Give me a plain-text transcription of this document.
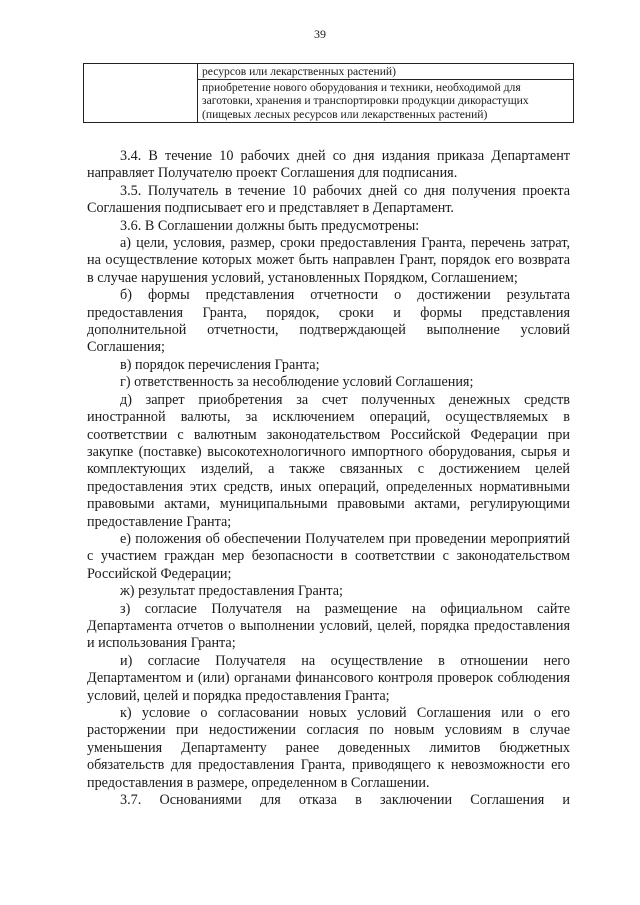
39
	ресурсов или лекарственных растений)
приобретение нового оборудования и техники, необходимой для заготовки, хранения и транспортировки продукции дикорастущих (пищевых лесных ресурсов или лекарственных растений)

3.4. В течение 10 рабочих дней со дня издания приказа Департамент направляет Получателю проект Соглашения для подписания.

3.5. Получатель в течение 10 рабочих дней со дня получения проекта Соглашения подписывает его и представляет в Департамент.

3.6. В Соглашении должны быть предусмотрены:

а) цели, условия, размер, сроки предоставления Гранта, перечень затрат, на осуществление которых может быть направлен Грант, порядок его возврата в случае нарушения условий, установленных Порядком, Соглашением;

б) формы представления отчетности о достижении результата предоставления Гранта, порядок, сроки и формы представления дополнительной отчетности, подтверждающей выполнение условий Соглашения;

в) порядок перечисления Гранта;

г) ответственность за несоблюдение условий Соглашения;

д) запрет приобретения за счет полученных денежных средств иностранной валюты, за исключением операций, осуществляемых в соответствии с валютным законодательством Российской Федерации при закупке (поставке) высокотехнологичного импортного оборудования, сырья и комплектующих изделий, а также связанных с достижением целей предоставления этих средств, иных операций, определенных нормативными правовыми актами, муниципальными правовыми актами, регулирующими предоставление Гранта;

е) положения об обеспечении Получателем при проведении мероприятий с участием граждан мер безопасности в соответствии с законодательством Российской Федерации;

ж) результат предоставления Гранта;

з) согласие Получателя на размещение на официальном сайте Департамента отчетов о выполнении условий, целей, порядка предоставления и использования Гранта;

и) согласие Получателя на осуществление в отношении него Департаментом и (или) органами финансового контроля проверок соблюдения условий, целей и порядка предоставления Гранта;

к) условие о согласовании новых условий Соглашения или о его расторжении при недостижении согласия по новым условиям в случае уменьшения Департаменту ранее доведенных лимитов бюджетных обязательств для предоставления Гранта, приводящего к невозможности его предоставления в размере, определенном в Соглашении.

3.7. Основаниями для отказа в заключении Соглашения и
